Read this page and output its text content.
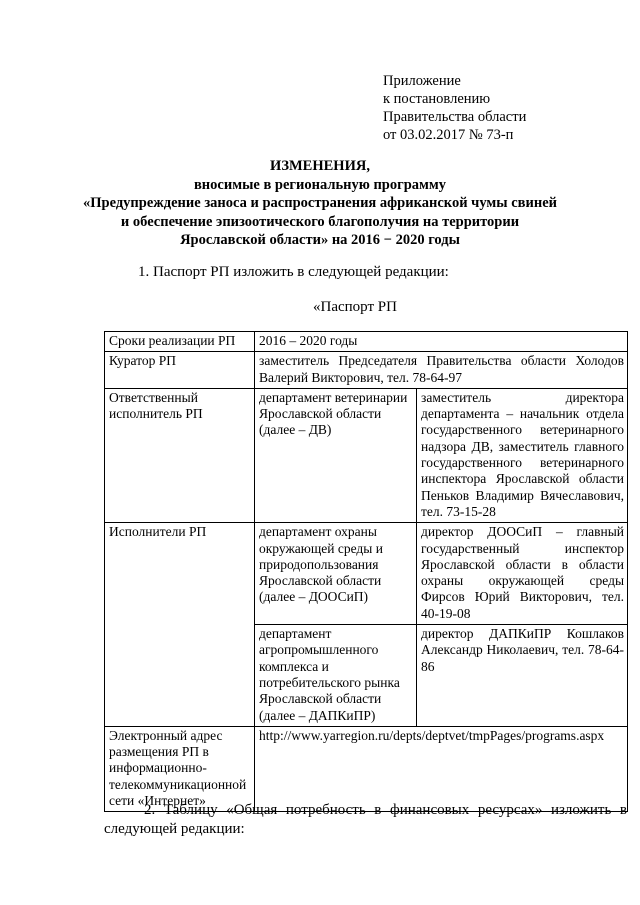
Приложение
к постановлению
Правительства области
от 03.02.2017 № 73-п
ИЗМЕНЕНИЯ,
вносимые в региональную программу
«Предупреждение заноса и распространения африканской чумы свиней
и обеспечение эпизоотического благополучия на территории
Ярославской области» на 2016 − 2020 годы
1. Паспорт РП изложить в следующей редакции:
«Паспорт РП
Сроки реализации РП	2016 – 2020 годы	
Куратор РП	заместитель Председателя Правительства области Холодов Валерий Викторович, тел. 78-64-97	
Ответственный исполнитель РП	департамент ветеринарии Ярославской области (далее – ДВ)	заместитель директора департамента – начальник отдела государственного ветеринарного надзора ДВ, заместитель главного государственного ветеринарного инспектора Ярославской области Пеньков Владимир Вячеславович, тел. 73-15-28
Исполнители РП	департамент охраны окружающей среды и природопользования Ярославской области (далее – ДООСиП)	директор ДООСиП – главный государственный инспектор Ярославской области в области охраны окружающей среды Фирсов Юрий Викторович, тел. 40-19-08
	департамент агропромышленного комплекса и потребительского рынка Ярославской области (далее – ДАПКиПР)	директор ДАПКиПР Кошлаков Александр Николаевич, тел. 78-64-86
Электронный адрес размещения РП в информационно-телекоммуникационной сети «Интернет»	http://www.yarregion.ru/depts/deptvet/tmpPages/programs.aspx	
2. Таблицу «Общая потребность в финансовых ресурсах» изложить в следующей редакции:
